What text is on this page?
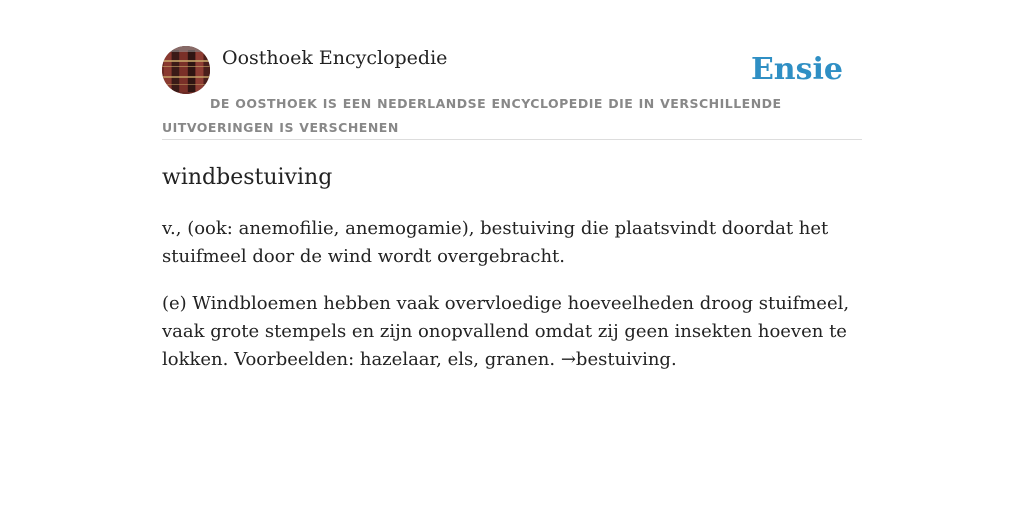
Oosthoek Encyclopedie	Ensie
DE OOSTHOEK IS EEN NEDERLANDSE ENCYCLOPEDIE DIE IN VERSCHILLENDE UITVOERINGEN IS VERSCHENEN
windbestuiving

v., (ook: anemofilie, anemogamie), bestuiving die plaatsvindt doordat het stuifmeel door de wind wordt overgebracht.

(e) Windbloemen hebben vaak overvloedige hoeveelheden droog stuifmeel, vaak grote stempels en zijn onopvallend omdat zij geen insekten hoeven te lokken. Voorbeelden: hazelaar, els, granen. →bestuiving.
